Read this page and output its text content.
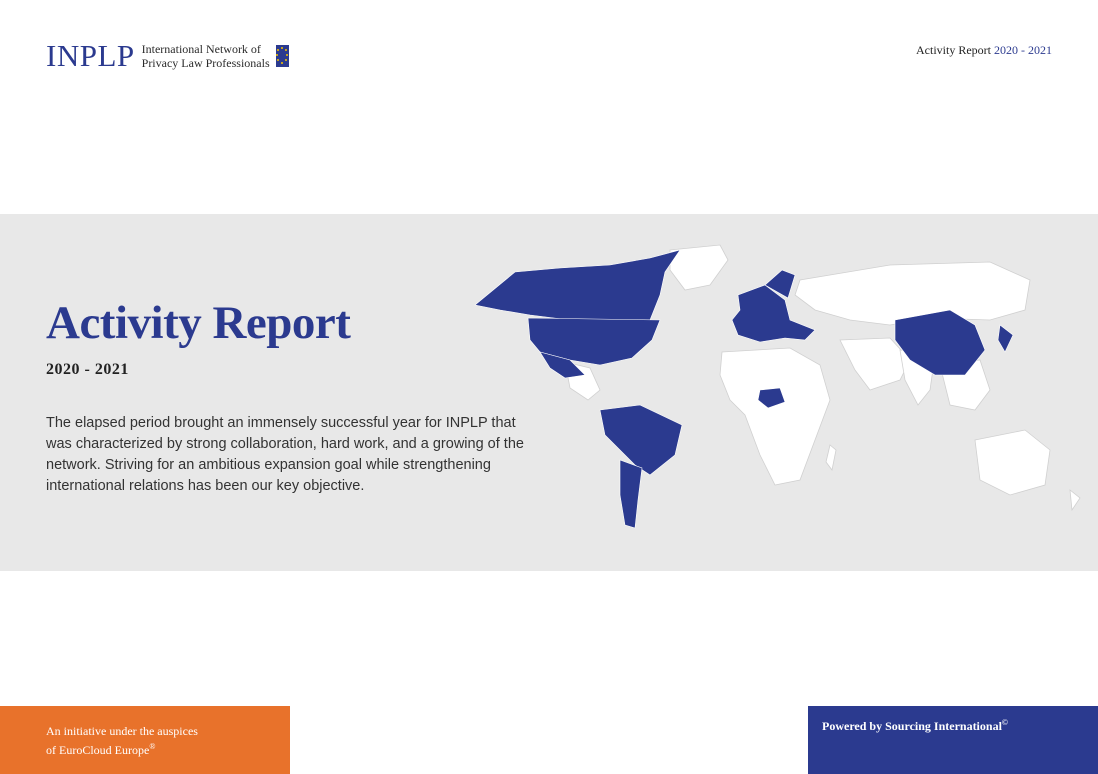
INPLP International Network of
Privacy Law Professionals
Activity Report 2020 - 2021
Activity Report
2020 - 2021

The elapsed period brought an immensely successful year for INPLP that was characterized by strong collaboration, hard work, and a growing of the network. Striving for an ambitious expansion goal while strengthening international relations has been our key objective.

An initiative under the auspices
of EuroCloud Europe®
Powered by Sourcing International©
